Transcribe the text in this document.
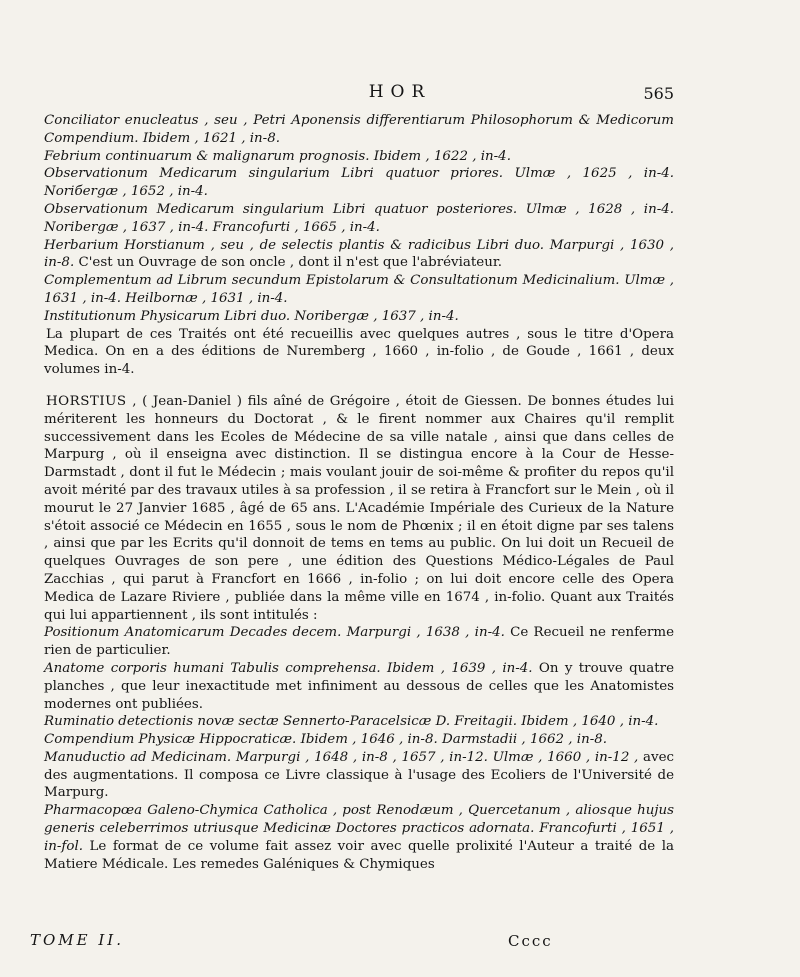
HOR	565

Conciliator enucleatus , seu , Petri Aponensis differentiarum Philosophorum & Medicorum Compendium. Ibidem , 1621 , in-8.

Febrium continuarum & malignarum prognosis. Ibidem , 1622 , in-4.

Observationum Medicarum singularium Libri quatuor priores. Ulmæ , 1625 , in-4. Norібergæ , 1652 , in-4.

Observationum Medicarum singularium Libri quatuor posteriores. Ulmæ , 1628 , in-4. Noribergæ , 1637 , in-4. Francofurti , 1665 , in-4.

Herbarium Horstianum , seu , de selectis plantis & radicibus Libri duo. Marpurgi , 1630 , in-8. C'est un Ouvrage de son oncle , dont il n'est que l'abréviateur.

Complementum ad Librum secundum Epistolarum & Consultationum Medicinalium. Ulmæ , 1631 , in-4. Heilbornæ , 1631 , in-4.

Institutionum Physicarum Libri duo. Noribergæ , 1637 , in-4.

La plupart de ces Traités ont été recueillis avec quelques autres , sous le titre d'Opera Medica. On en a des éditions de Nuremberg , 1660 , in-folio , de Goude , 1661 , deux volumes in-4.

HORSTIUS , ( Jean-Daniel ) fils aîné de Grégoire , étoit de Giessen. De bonnes études lui mériterent les honneurs du Doctorat , & le firent nommer aux Chaires qu'il remplit successivement dans les Ecoles de Médecine de sa ville natale , ainsi que dans celles de Marpurg , où il enseigna avec distinction. Il se distingua encore à la Cour de Hesse-Darmstadt , dont il fut le Médecin ; mais voulant jouir de soi-même & profiter du repos qu'il avoit mérité par des travaux utiles à sa profession , il se retira à Francfort sur le Mein , où il mourut le 27 Janvier 1685 , âgé de 65 ans. L'Académie Impériale des Curieux de la Nature s'étoit associé ce Médecin en 1655 , sous le nom de Phœnix ; il en étoit digne par ses talens , ainsi que par les Ecrits qu'il donnoit de tems en tems au public. On lui doit un Recueil de quelques Ouvrages de son pere , une édition des Questions Médico-Légales de Paul Zacchias , qui parut à Francfort en 1666 , in-folio ; on lui doit encore celle des Opera Medica de Lazare Riviere , publiée dans la même ville en 1674 , in-folio. Quant aux Traités qui lui appartiennent , ils sont intitulés :

Positionum Anatomicarum Decades decem. Marpurgi , 1638 , in-4. Ce Recueil ne renferme rien de particulier.

Anatome corporis humani Tabulis comprehensa. Ibidem , 1639 , in-4. On y trouve quatre planches , que leur inexactitude met infiniment au dessous de celles que les Anatomistes modernes ont publiées.

Ruminatio detectionis novæ sectæ Sennerto-Paracelsicæ D. Freitagii. Ibidem , 1640 , in-4.

Compendium Physicæ Hippocraticæ. Ibidem , 1646 , in-8. Darmstadii , 1662 , in-8.

Manuductio ad Medicinam. Marpurgi , 1648 , in-8 , 1657 , in-12. Ulmæ , 1660 , in-12 , avec des augmentations. Il composa ce Livre classique à l'usage des Ecoliers de l'Université de Marpurg.

Pharmacopœa Galeno-Chymica Catholica , post Renodæum , Quercetanum , aliosque hujus generis celeberrimos utriusque Medicinæ Doctores practicos adornata. Francofurti , 1651 , in-fol. Le format de ce volume fait assez voir avec quelle prolixité l'Auteur a traité de la Matiere Médicale. Les remedes Galéniques & Chymiques

TOME II.	Cccc
